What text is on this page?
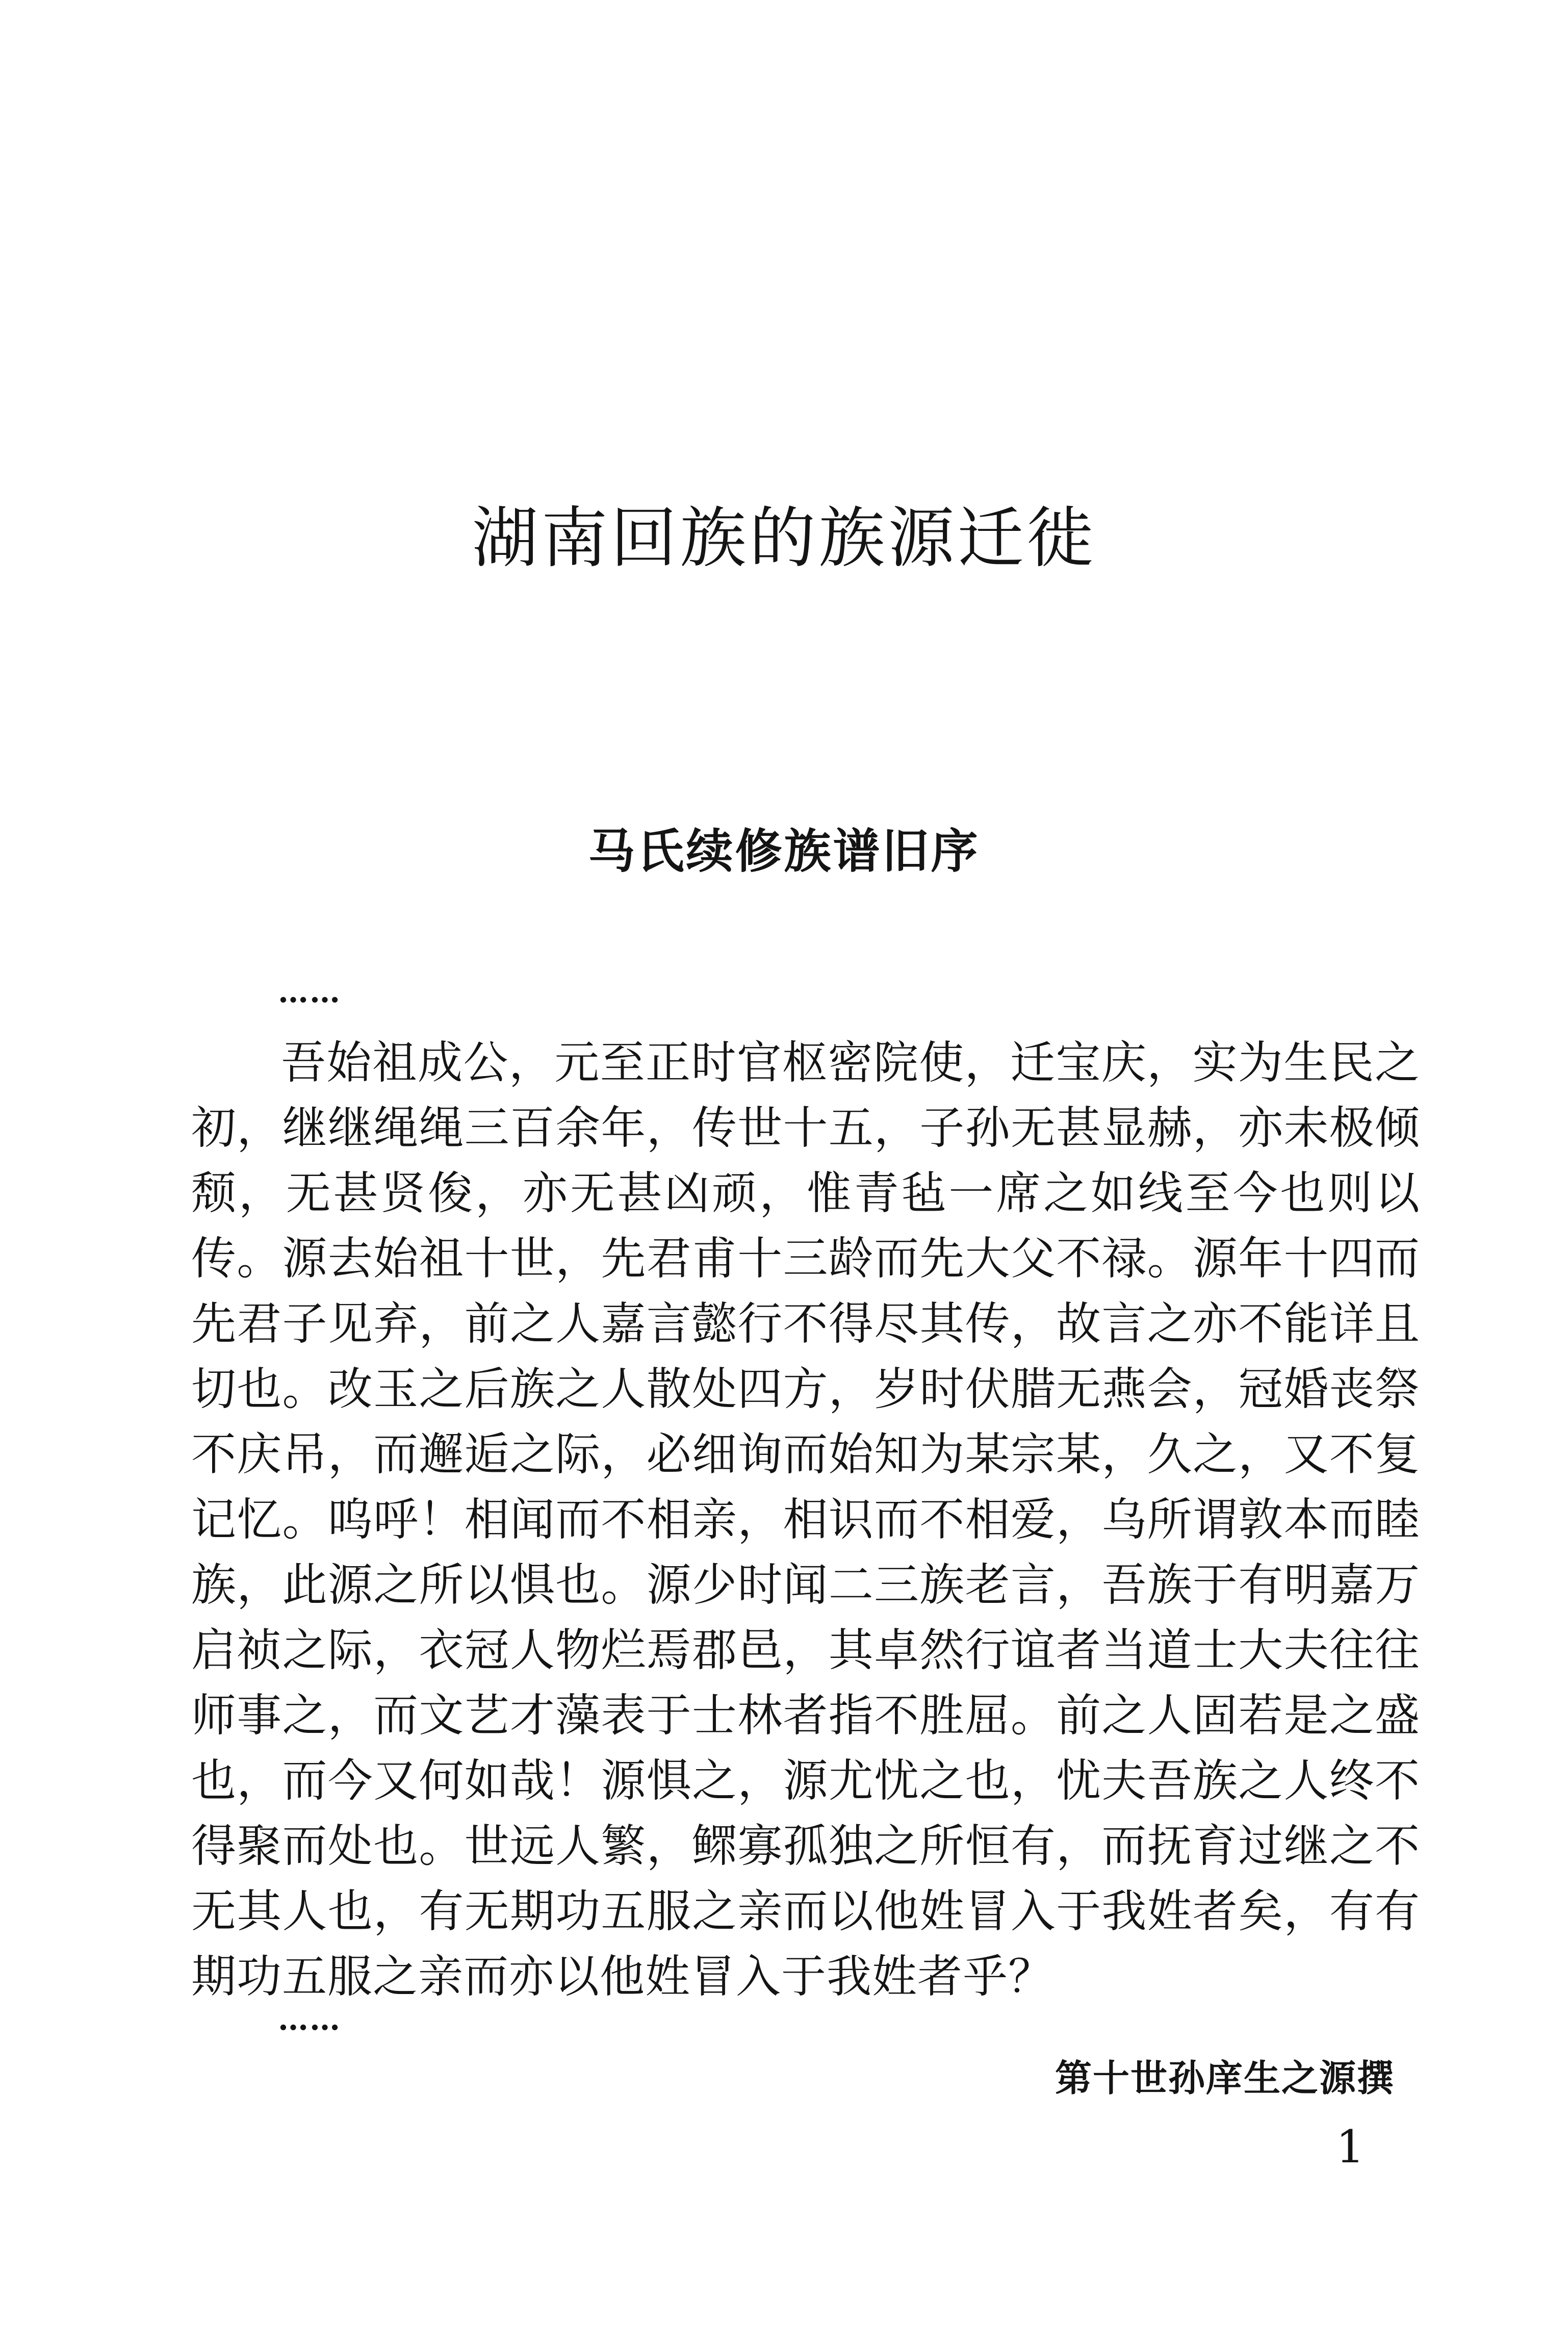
湖南回族的族源迁徙
马氏续修族谱旧序
……

吾始祖成公，元至正时官枢密院使，迁宝庆，实为生民之初，继继绳绳三百余年，传世十五，子孙无甚显赫，亦未极倾颓，无甚贤俊，亦无甚凶顽，惟青毡一席之如线至今也则以传。源去始祖十世，先君甫十三龄而先大父不禄。源年十四而先君子见弃，前之人嘉言懿行不得尽其传，故言之亦不能详且切也。改玉之后族之人散处四方，岁时伏腊无燕会，冠婚丧祭不庆吊，而邂逅之际，必细询而始知为某宗某，久之，又不复记忆。呜呼！相闻而不相亲，相识而不相爱，乌所谓敦本而睦族，此源之所以惧也。源少时闻二三族老言，吾族于有明嘉万启祯之际，衣冠人物烂焉郡邑，其卓然行谊者当道士大夫往往师事之，而文艺才藻表于士林者指不胜屈。前之人固若是之盛也，而今又何如哉！源惧之，源尤忧之也，忧夫吾族之人终不得聚而处也。世远人繁，鳏寡孤独之所恒有，而抚育过继之不无其人也，有无期功五服之亲而以他姓冒入于我姓者矣，有有期功五服之亲而亦以他姓冒入于我姓者乎？

……
第十世孙庠生之源撰
1
